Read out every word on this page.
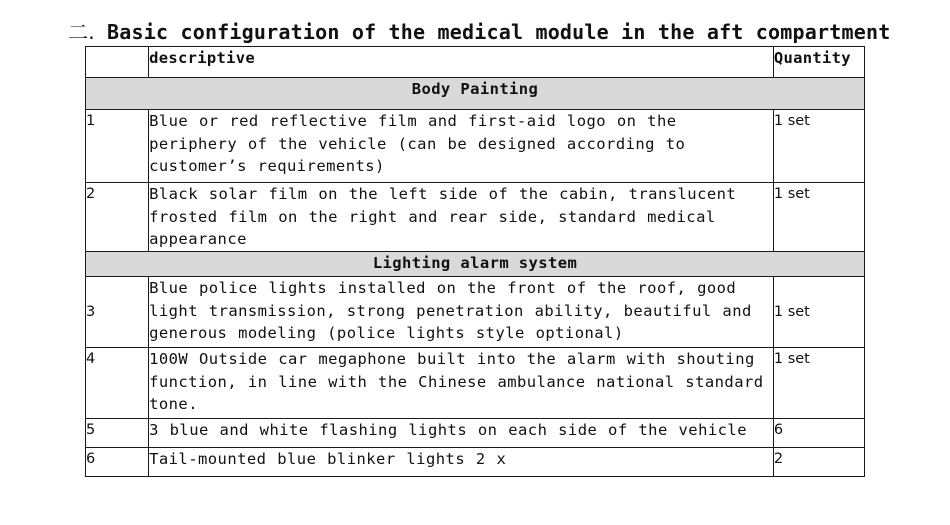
二. Basic configuration of the medical module in the aft compartment
	descriptive	Quantity
Body Painting		
1	Blue or red reflective film and first-aid logo on the periphery of the vehicle (can be designed according to customer’s requirements)	1 set
2	Black solar film on the left side of the cabin, translucent frosted film on the right and rear side, standard medical appearance	1 set
Lighting alarm system		
3	Blue police lights installed on the front of the roof, good light transmission, strong penetration ability, beautiful and generous modeling (police lights style optional)	1 set
4	100W Outside car megaphone built into the alarm with shouting function, in line with the Chinese ambulance national standard tone.	1 set
5	3 blue and white flashing lights on each side of the vehicle	6
6	Tail-mounted blue blinker lights 2 x	2
